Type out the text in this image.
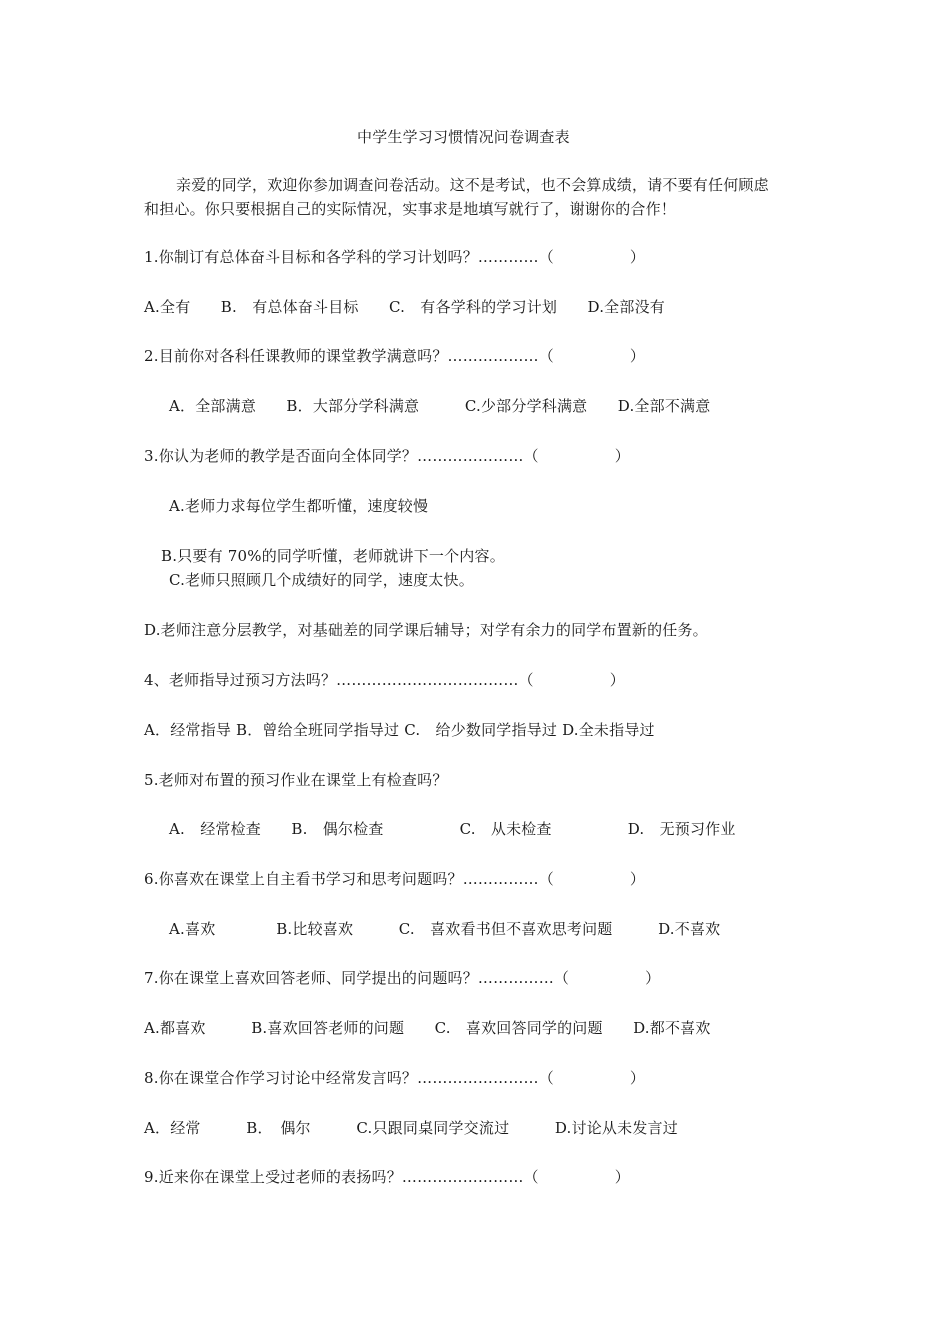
中学生学习习惯情况问卷调查表
亲爱的同学，欢迎你参加调查问卷活动。这不是考试，也不会算成绩，请不要有任何顾虑
和担心。你只要根据自己的实际情况，实事求是地填写就行了，谢谢你的合作！
1.你制订有总体奋斗目标和各学科的学习计划吗？…………（　　　　　）
A.全有　　B.　有总体奋斗目标　　C.　有各学科的学习计划　　D.全部没有
2.目前你对各科任课教师的课堂教学满意吗？………………（　　　　　）
A．全部满意　　B．大部分学科满意　　　C.少部分学科满意　　D.全部不满意
3.你认为老师的教学是否面向全体同学？…………………（　　　　　）
A.老师力求每位学生都听懂，速度较慢
B.只要有 70%的同学听懂，老师就讲下一个内容。
C.老师只照顾几个成绩好的同学，速度太快。
D.老师注意分层教学，对基础差的同学课后辅导；对学有余力的同学布置新的任务。
4、老师指导过预习方法吗？………………………………（　　　　　）
A．经常指导 B．曾给全班同学指导过 C.　给少数同学指导过 D.全未指导过
5.老师对布置的预习作业在课堂上有检查吗？
A.　经常检查　　B.　偶尔检查　　　　　C.　从未检查　　　　　D.　无预习作业
6.你喜欢在课堂上自主看书学习和思考问题吗？……………（　　　　　）
A.喜欢　　　　B.比较喜欢　　　C.　喜欢看书但不喜欢思考问题　　　D.不喜欢
7.你在课堂上喜欢回答老师、同学提出的问题吗？……………（　　　　　）
A.都喜欢　　　B.喜欢回答老师的问题　　C.　喜欢回答同学的问题　　D.都不喜欢
8.你在课堂合作学习讨论中经常发言吗？……………………（　　　　　）
A．经常　　　B．　偶尔　　　C.只跟同桌同学交流过　　　D.讨论从未发言过
9.近来你在课堂上受过老师的表扬吗？……………………（　　　　　）
